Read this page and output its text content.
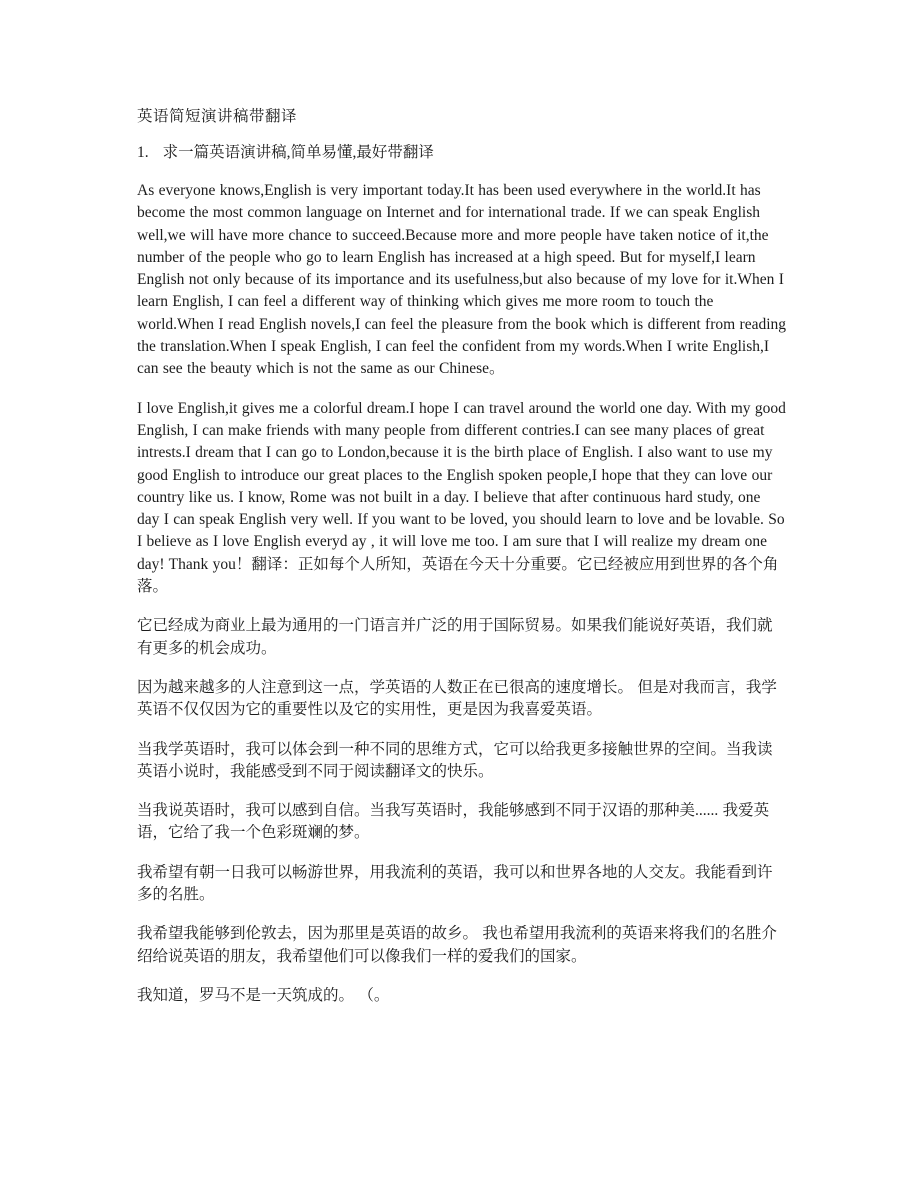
英语简短演讲稿带翻译
1. 求一篇英语演讲稿,简单易懂,最好带翻译

As everyone knows,English is very important today.It has been used everywhere in the world.It has become the most common language on Internet and for international trade. If we can speak English well,we will have more chance to succeed.Because more and more people have taken notice of it,the number of the people who go to learn English has increased at a high speed. But for myself,I learn English not only because of its importance and its usefulness,but also because of my love for it.When I learn English, I can feel a different way of thinking which gives me more room to touch the world.When I read English novels,I can feel the pleasure from the book which is different from reading the translation.When I speak English, I can feel the confident from my words.When I write English,I can see the beauty which is not the same as our Chinese。

I love English,it gives me a colorful dream.I hope I can travel around the world one day. With my good English, I can make friends with many people from different contries.I can see many places of great intrests.I dream that I can go to London,because it is the birth place of English. I also want to use my good English to introduce our great places to the English spoken people,I hope that they can love our country like us. I know, Rome was not built in a day. I believe that after continuous hard study, one day I can speak English very well. If you want to be loved, you should learn to love and be lovable. So I believe as I love English everyd ay , it will love me too. I am sure that I will realize my dream one day! Thank you！翻译：正如每个人所知，英语在今天十分重要。它已经被应用到世界的各个角落。

它已经成为商业上最为通用的一门语言并广泛的用于国际贸易。如果我们能说好英语，我们就有更多的机会成功。

因为越来越多的人注意到这一点，学英语的人数正在已很高的速度增长。 但是对我而言，我学英语不仅仅因为它的重要性以及它的实用性，更是因为我喜爱英语。

当我学英语时，我可以体会到一种不同的思维方式，它可以给我更多接触世界的空间。当我读英语小说时，我能感受到不同于阅读翻译文的快乐。

当我说英语时，我可以感到自信。当我写英语时，我能够感到不同于汉语的那种美...... 我爱英语，它给了我一个色彩斑斓的梦。

我希望有朝一日我可以畅游世界，用我流利的英语，我可以和世界各地的人交友。我能看到许多的名胜。

我希望我能够到伦敦去，因为那里是英语的故乡。 我也希望用我流利的英语来将我们的名胜介绍给说英语的朋友，我希望他们可以像我们一样的爱我们的国家。

我知道，罗马不是一天筑成的。 （。
